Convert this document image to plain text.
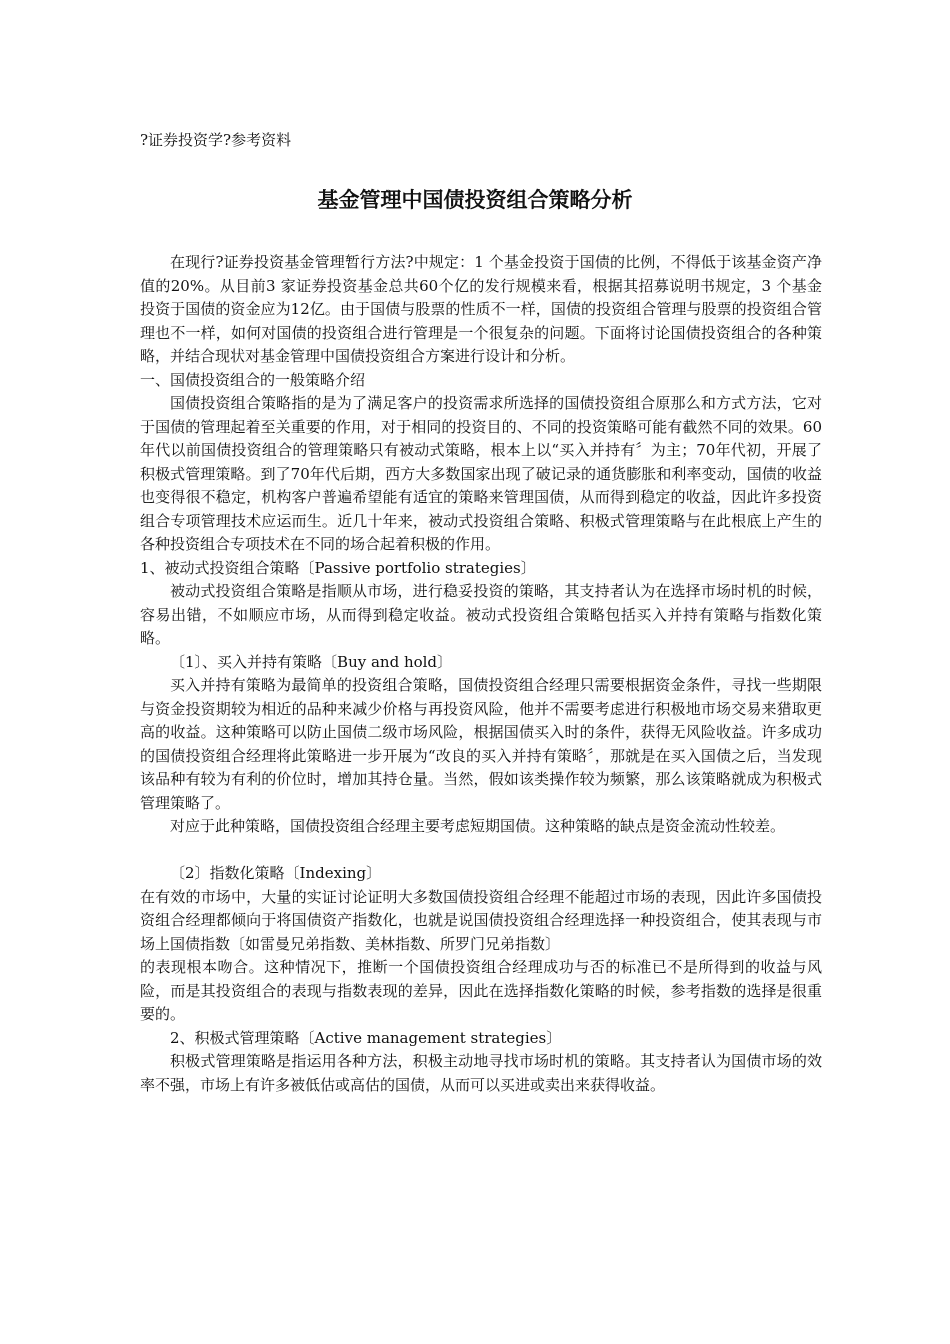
?证券投资学?参考资料
基金管理中国债投资组合策略分析

在现行?证券投资基金管理暂行方法?中规定：1 个基金投资于国债的比例，不得低于该基金资产净值的20%。从目前3 家证券投资基金总共60个亿的发行规模来看，根据其招募说明书规定，3 个基金 投资于国债的资金应为12亿。由于国债与股票的性质不一样，国债的投资组合管理与股票的投资组合管理也不一样，如何对国债的投资组合进行管理是一个很复杂的问题。下面将讨论国债投资组合的各种策略，并结合现状对基金管理中国债投资组合方案进行设计和分析。

一、国债投资组合的一般策略介绍

国债投资组合策略指的是为了满足客户的投资需求所选择的国债投资组合原那么和方式方法，它对于国债的管理起着至关重要的作用，对于相同的投资目的、不同的投资策略可能有截然不同的效果。60年代以前国债投资组合的管理策略只有被动式策略，根本上以“买入并持有〞为主；70年代初，开展了积极式管理策略。到了70年代后期，西方大多数国家出现了破记录的通货膨胀和利率变动，国债的收益也变得很不稳定，机构客户普遍希望能有适宜的策略来管理国债，从而得到稳定的收益，因此许多投资组合专项管理技术应运而生。近几十年来，被动式投资组合策略、积极式管理策略与在此根底上产生的各种投资组合专项技术在不同的场合起着积极的作用。

1、被动式投资组合策略〔Passive portfolio strategies〕

被动式投资组合策略是指顺从市场，进行稳妥投资的策略，其支持者认为在选择市场时机的时候，容易出错，不如顺应市场，从而得到稳定收益。被动式投资组合策略包括买入并持有策略与指数化策略。

〔1〕、买入并持有策略〔Buy and hold〕

买入并持有策略为最简单的投资组合策略，国债投资组合经理只需要根据资金条件，寻找一些期限与资金投资期较为相近的品种来减少价格与再投资风险，他并不需要考虑进行积极地市场交易来猎取更高的收益。这种策略可以防止国债二级市场风险，根据国债买入时的条件，获得无风险收益。许多成功的国债投资组合经理将此策略进一步开展为“改良的买入并持有策略〞，那就是在买入国债之后，当发现该品种有较为有利的价位时，增加其持仓量。当然，假如该类操作较为频繁，那么该策略就成为积极式管理策略了。

对应于此种策略，国债投资组合经理主要考虑短期国债。这种策略的缺点是资金流动性较差。

〔2〕指数化策略〔Indexing〕

在有效的市场中，大量的实证讨论证明大多数国债投资组合经理不能超过市场的表现，因此许多国债投资组合经理都倾向于将国债资产指数化，也就是说国债投资组合经理选择一种投资组合，使其表现与市场上国债指数〔如雷曼兄弟指数、美林指数、所罗门兄弟指数〕

的表现根本吻合。这种情况下，推断一个国债投资组合经理成功与否的标准已不是所得到的收益与风险，而是其投资组合的表现与指数表现的差异，因此在选择指数化策略的时候，参考指数的选择是很重要的。

2、积极式管理策略〔Active management strategies〕

积极式管理策略是指运用各种方法，积极主动地寻找市场时机的策略。其支持者认为国债市场的效率不强，市场上有许多被低估或高估的国债，从而可以买进或卖出来获得收益。
